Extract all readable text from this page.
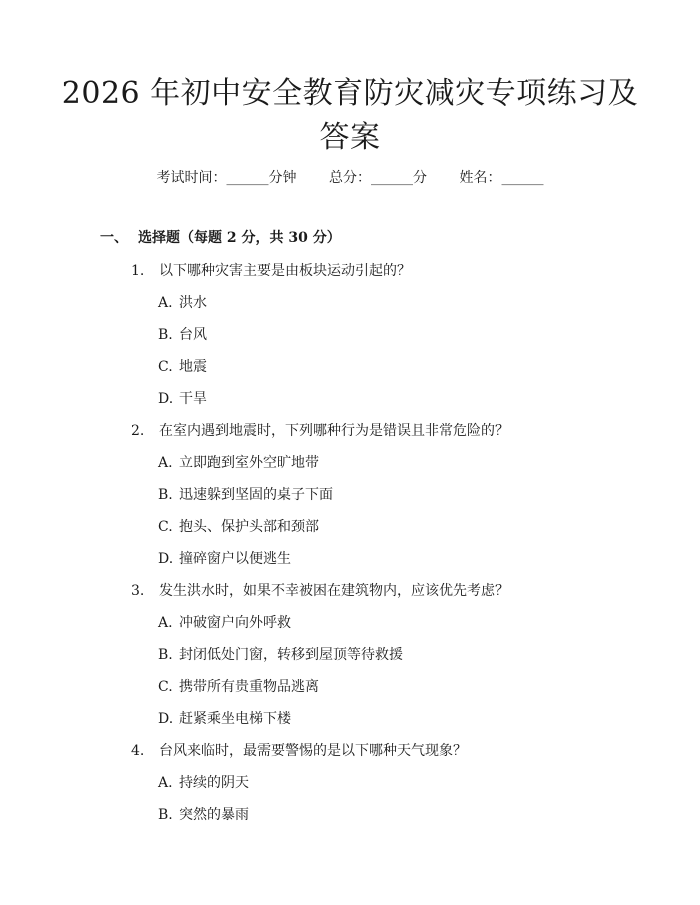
2026 年初中安全教育防灾减灾专项练习及答案
考试时间：______分钟 总分：______分 姓名：______
一、 选择题（每题 2 分，共 30 分）
1. 以下哪种灾害主要是由板块运动引起的？
A. 洪水
B. 台风
C. 地震
D. 干旱
2. 在室内遇到地震时，下列哪种行为是错误且非常危险的？
A. 立即跑到室外空旷地带
B. 迅速躲到坚固的桌子下面
C. 抱头、保护头部和颈部
D. 撞碎窗户以便逃生
3. 发生洪水时，如果不幸被困在建筑物内，应该优先考虑？
A. 冲破窗户向外呼救
B. 封闭低处门窗，转移到屋顶等待救援
C. 携带所有贵重物品逃离
D. 赶紧乘坐电梯下楼
4. 台风来临时，最需要警惕的是以下哪种天气现象？
A. 持续的阴天
B. 突然的暴雨
